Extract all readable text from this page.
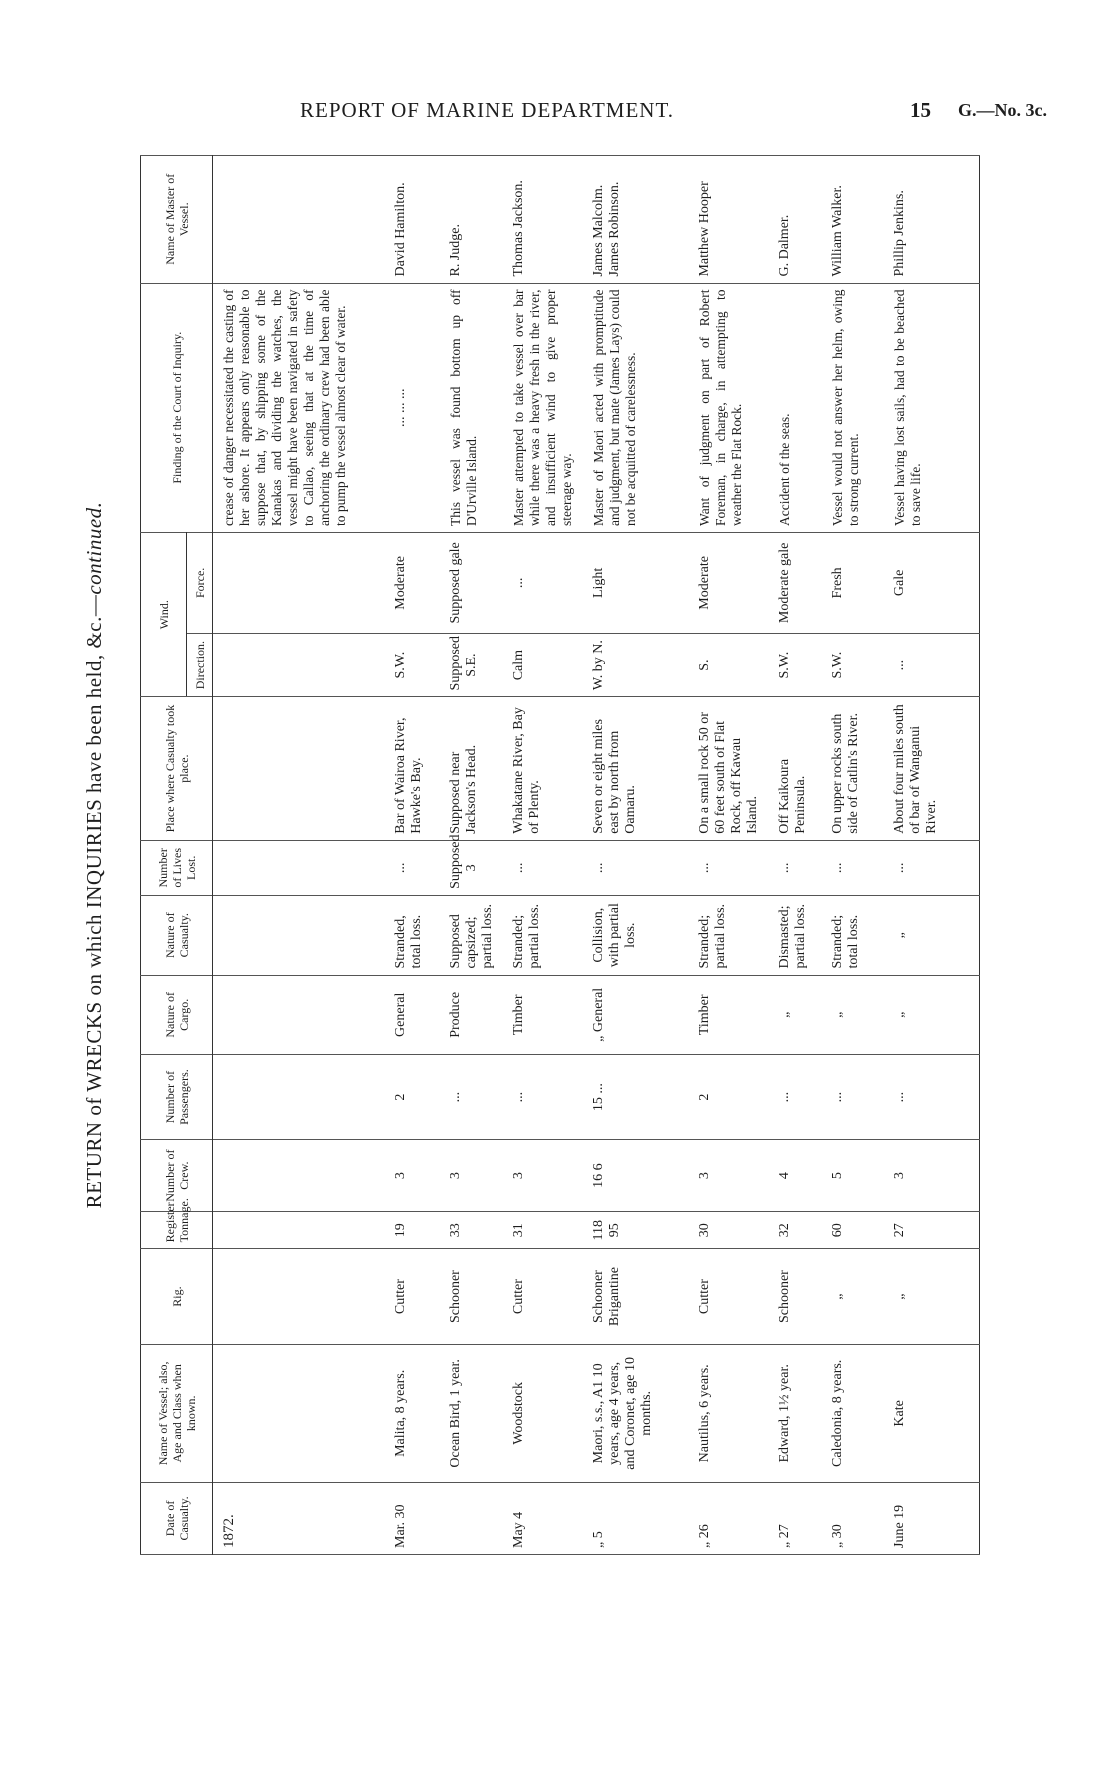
REPORT OF MARINE DEPARTMENT.	15 G.—No. 3c.
RETURN of WRECKS on which INQUIRIES have been held, &c.—continued.
Date of Casualty.	Name of Vessel; also, Age and Class when known.	Rig.	Register Tonnage.	Number of Crew.	Number of Passengers.	Nature of Cargo.	Nature of Casualty.	Number of Lives Lost.	Place where Casualty took place.	Wind.		Finding of the Court of Inquiry.	Name of Master of Vessel.
										Direction.	Force.		
1872.												crease of danger necessitated the casting of her ashore. It appears only reasonable to suppose that, by shipping some of the Kanakas and dividing the watches, the vessel might have been navigated in safety to Callao, seeing that at the time of anchoring the ordinary crew had been able to pump the vessel almost clear of water.	
Mar. 30	Malita, 8 years.	Cutter	19	3	2	General	Stranded, total loss.	...	Bar of Wairoa River, Hawke's Bay.	S.W.	Moderate	... ... ...	David Hamilton.
	Ocean Bird, 1 year.	Schooner	33	3	...	Produce	Supposed capsized; partial loss.	Supposed 3	Supposed near Jackson's Head.	Supposed S.E.	Supposed gale	This vessel was found bottom up off D'Urville Island.	R. Judge.
May 4	Woodstock	Cutter	31	3	...	Timber	Stranded; partial loss.	...	Whakatane River, Bay of Plenty.	Calm	...	Master attempted to take vessel over bar while there was a heavy fresh in the river, and insufficient wind to give proper steerage way.	Thomas Jackson.
„ 5	Maori, s.s., A1 10 years, age 4 years, and Coronet, age 10 months.	Schooner Brigantine	118 95	16 6	15 ...	„ General	Collision, with partial loss.	...	Seven or eight miles east by north from Oamaru.	W. by N.	Light	Master of Maori acted with promptitude and judgment, but mate (James Lays) could not be acquitted of carelessness.	James Malcolm. James Robinson.
„ 26	Nautilus, 6 years.	Cutter	30	3	2	Timber	Stranded; partial loss.	...	On a small rock 50 or 60 feet south of Flat Rock, off Kawau Island.	S.	Moderate	Want of judgment on part of Robert Foreman, in charge, in attempting to weather the Flat Rock.	Matthew Hooper
„ 27	Edward, 1½ year.	Schooner	32	4	...	„	Dismasted; partial loss.	...	Off Kaikoura Peninsula.	S.W.	Moderate gale	Accident of the seas.	G. Dalmer.
„ 30	Caledonia, 8 years.	„	60	5	...	„	Stranded; total loss.	...	On upper rocks south side of Catlin's River.	S.W.	Fresh	Vessel would not answer her helm, owing to strong current.	William Walker.
June 19	Kate	„	27	3	...	„	„	...	About four miles south of bar of Wanganui River.	...	Gale	Vessel having lost sails, had to be beached to save life.	Phillip Jenkins.
